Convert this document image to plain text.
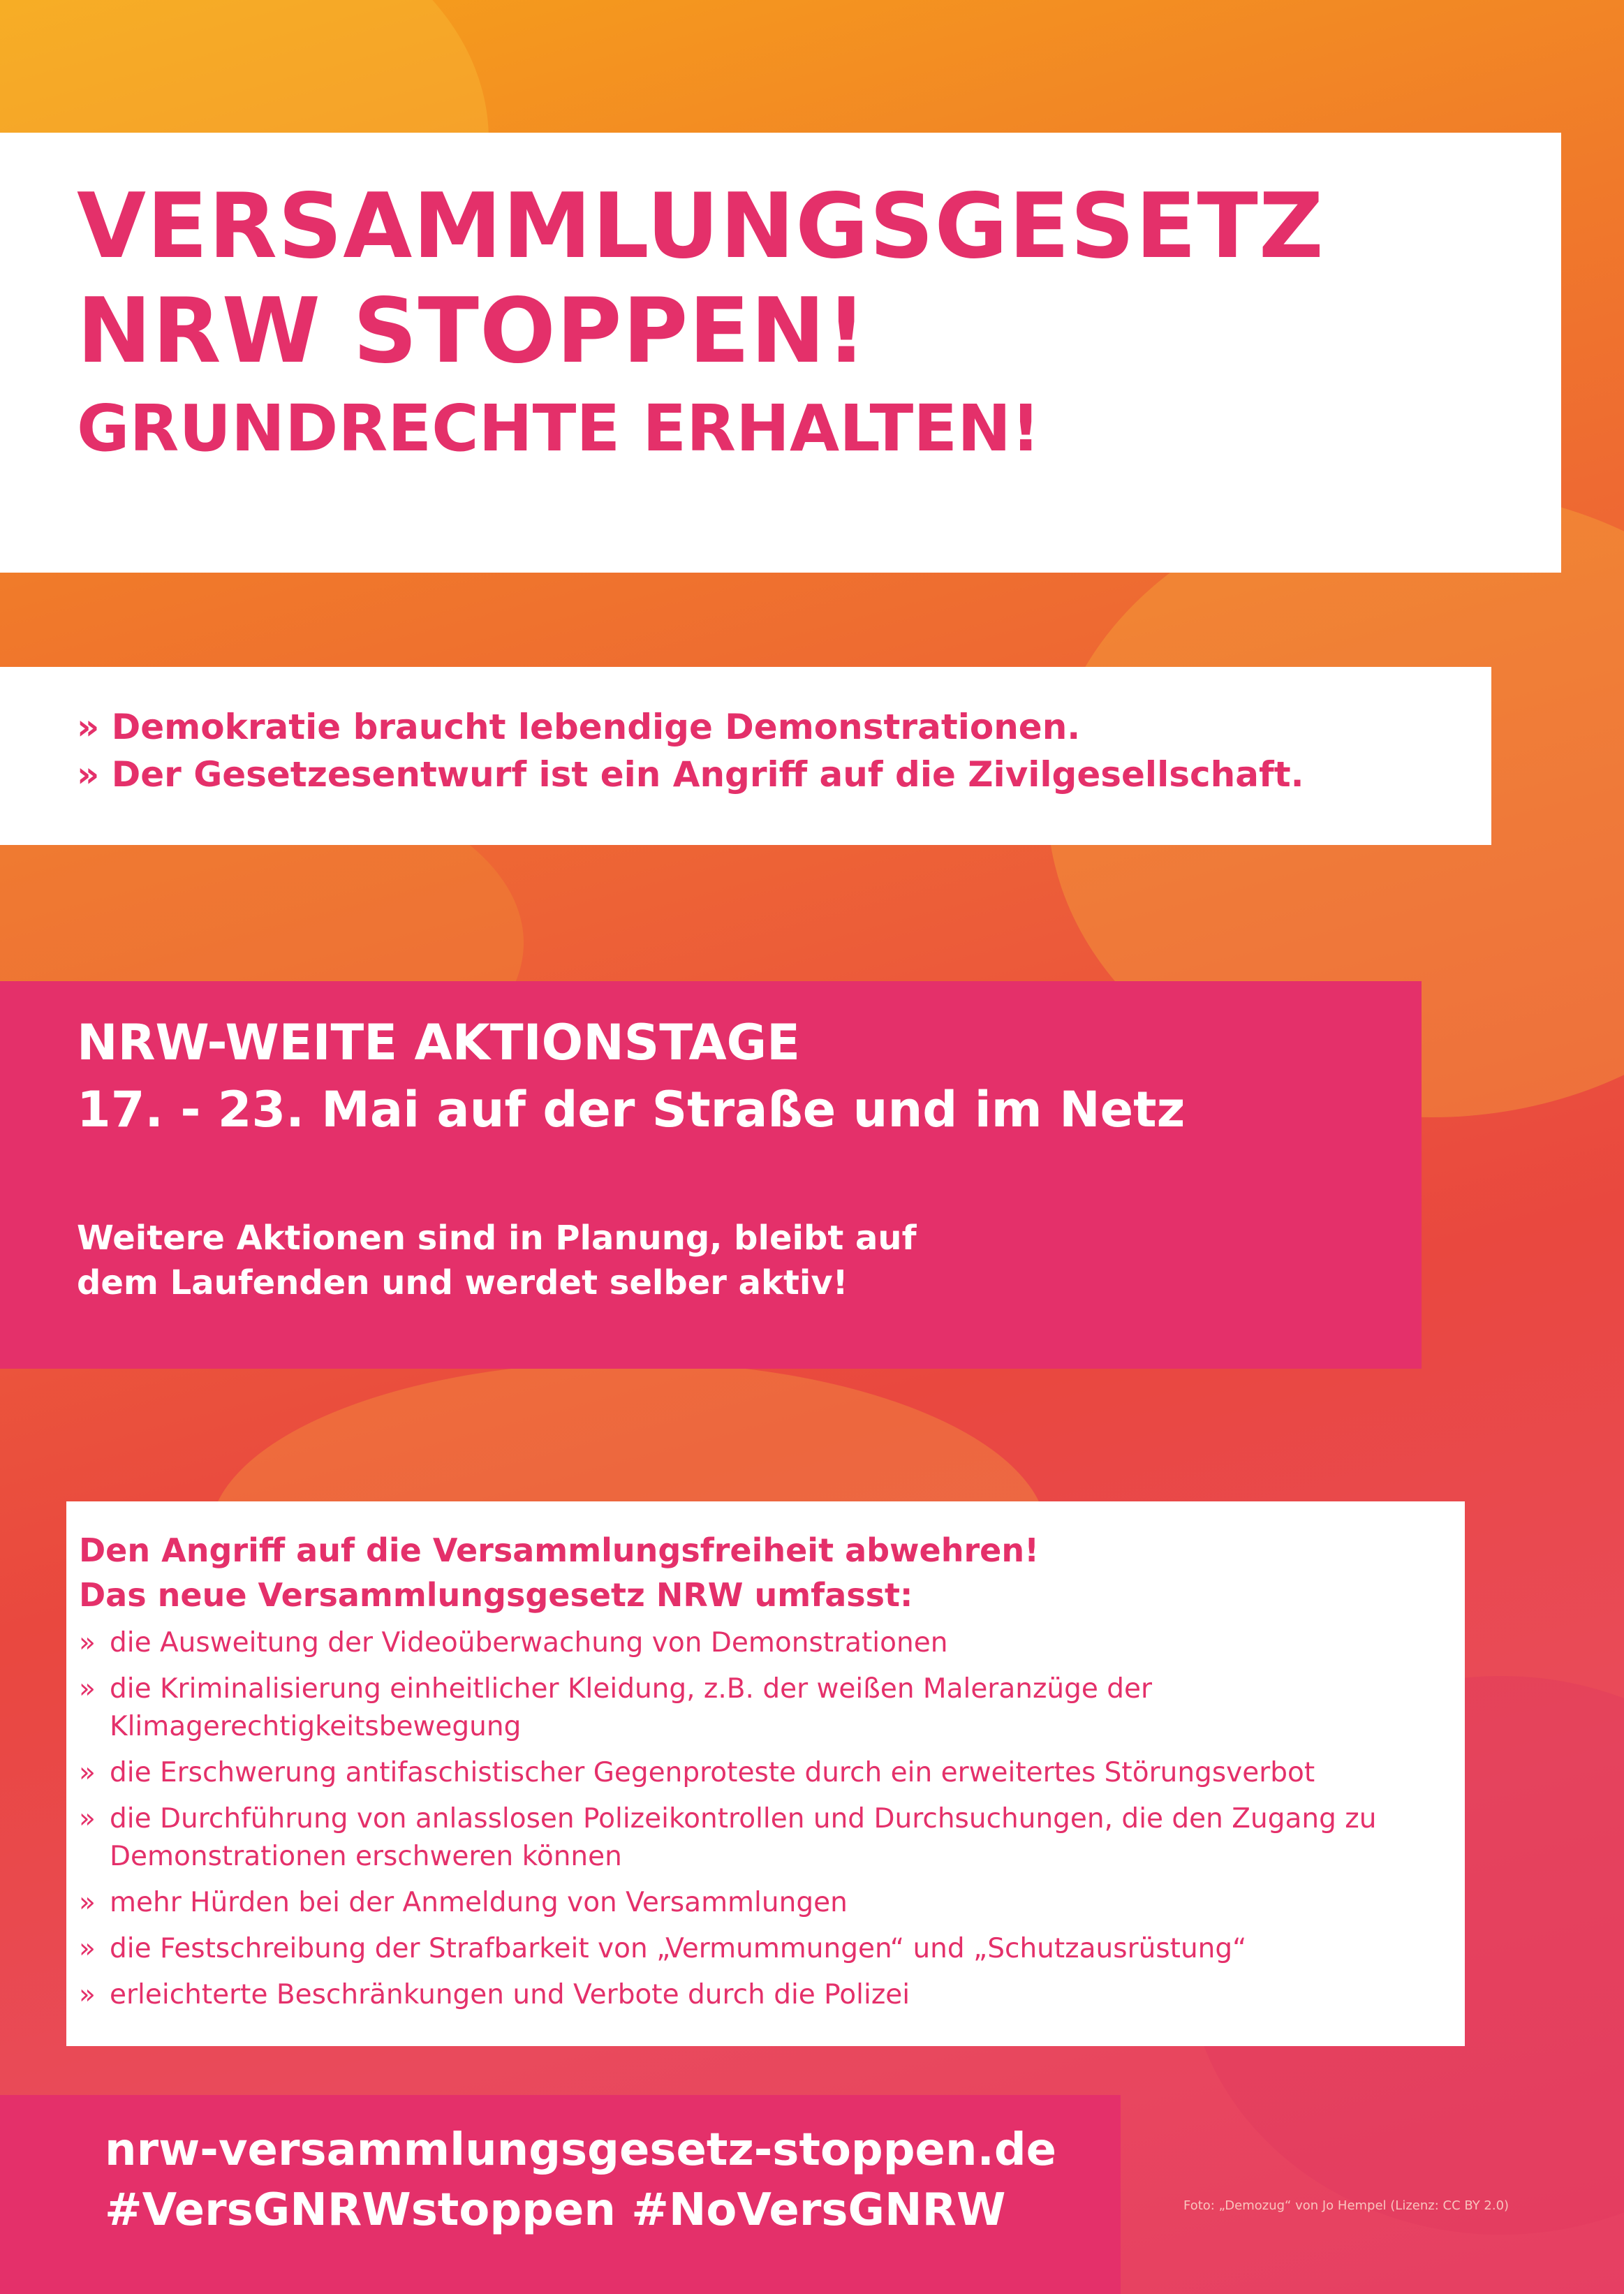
VERSAMMLUNGSGESETZ
NRW STOPPEN!
GRUNDRECHTE ERHALTEN!
» Demokratie braucht lebendige Demonstrationen.
» Der Gesetzesentwurf ist ein Angriff auf die Zivilgesellschaft.
NRW-WEITE AKTIONSTAGE
17. - 23. Mai auf der Straße und im Netz
Weitere Aktionen sind in Planung, bleibt auf
dem Laufenden und werdet selber aktiv!
Den Angriff auf die Versammlungsfreiheit abwehren!
Das neue Versammlungsgesetz NRW umfasst:
» die Ausweitung der Videoüberwachung von Demonstrationen
» die Kriminalisierung einheitlicher Kleidung, z.B. der weißen Maleranzüge der Klimagerechtigkeitsbewegung
» die Erschwerung antifaschistischer Gegenproteste durch ein erweitertes Störungsverbot
» die Durchführung von anlasslosen Polizeikontrollen und Durchsuchungen, die den Zugang zu Demonstrationen erschweren können
» mehr Hürden bei der Anmeldung von Versammlungen
» die Festschreibung der Strafbarkeit von „Vermummungen“ und „Schutzausrüstung“
» erleichterte Beschränkungen und Verbote durch die Polizei
nrw-versammlungsgesetz-stoppen.de
#VersGNRWstoppen #NoVersGNRW	Foto: „Demozug“ von Jo Hempel (Lizenz: CC BY 2.0)
